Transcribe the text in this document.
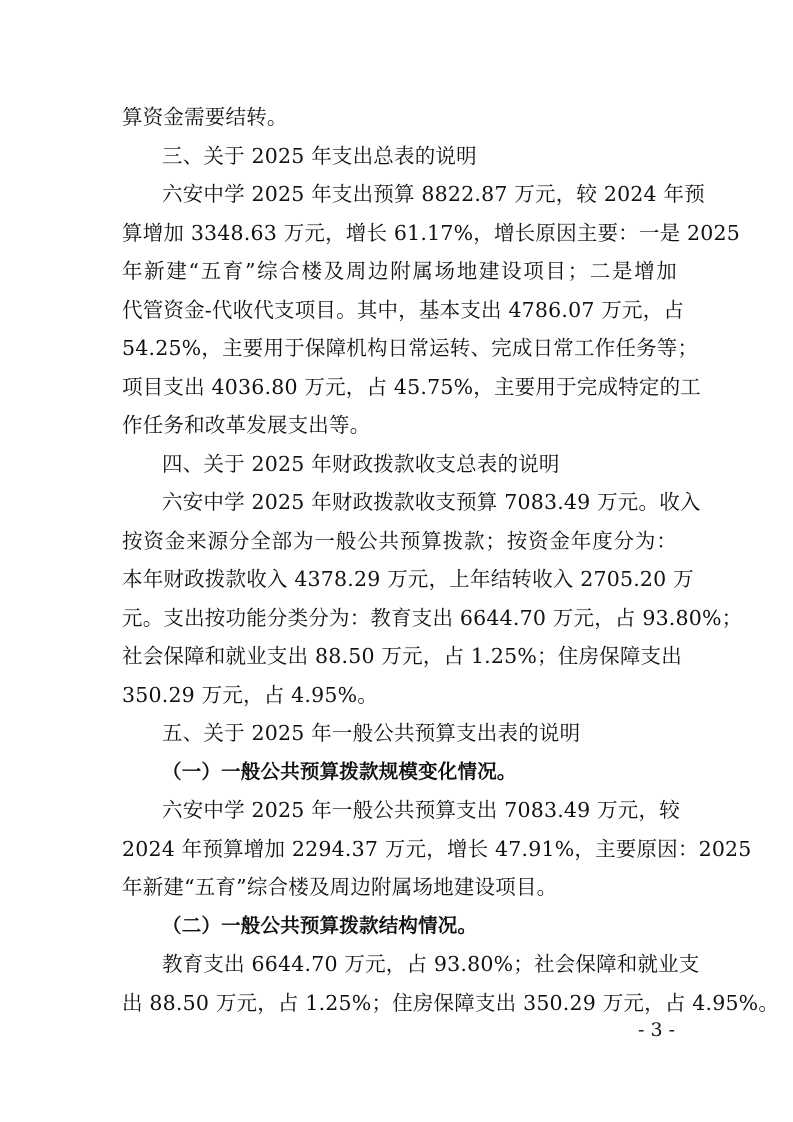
算资金需要结转。
三、关于 2025 年支出总表的说明
六安中学 2025 年支出预算 8822.87 万元，较 2024 年预
算增加 3348.63 万元，增长 61.17%，增长原因主要：一是 2025
年新建“五育”综合楼及周边附属场地建设项目；二是增加
代管资金-代收代支项目。其中，基本支出 4786.07 万元，占
54.25%，主要用于保障机构日常运转、完成日常工作任务等；
项目支出 4036.80 万元，占 45.75%，主要用于完成特定的工
作任务和改革发展支出等。
四、关于 2025 年财政拨款收支总表的说明
六安中学 2025 年财政拨款收支预算 7083.49 万元。收入
按资金来源分全部为一般公共预算拨款；按资金年度分为：
本年财政拨款收入 4378.29 万元，上年结转收入 2705.20 万
元。支出按功能分类分为：教育支出 6644.70 万元，占 93.80%；
社会保障和就业支出 88.50 万元，占 1.25%；住房保障支出
350.29 万元，占 4.95%。
五、关于 2025 年一般公共预算支出表的说明
（一）一般公共预算拨款规模变化情况。
六安中学 2025 年一般公共预算支出 7083.49 万元，较
2024 年预算增加 2294.37 万元，增长 47.91%，主要原因：2025
年新建“五育”综合楼及周边附属场地建设项目。
（二）一般公共预算拨款结构情况。
教育支出 6644.70 万元，占 93.80%；社会保障和就业支
出 88.50 万元，占 1.25%；住房保障支出 350.29 万元，占 4.95%。
- 3 -
